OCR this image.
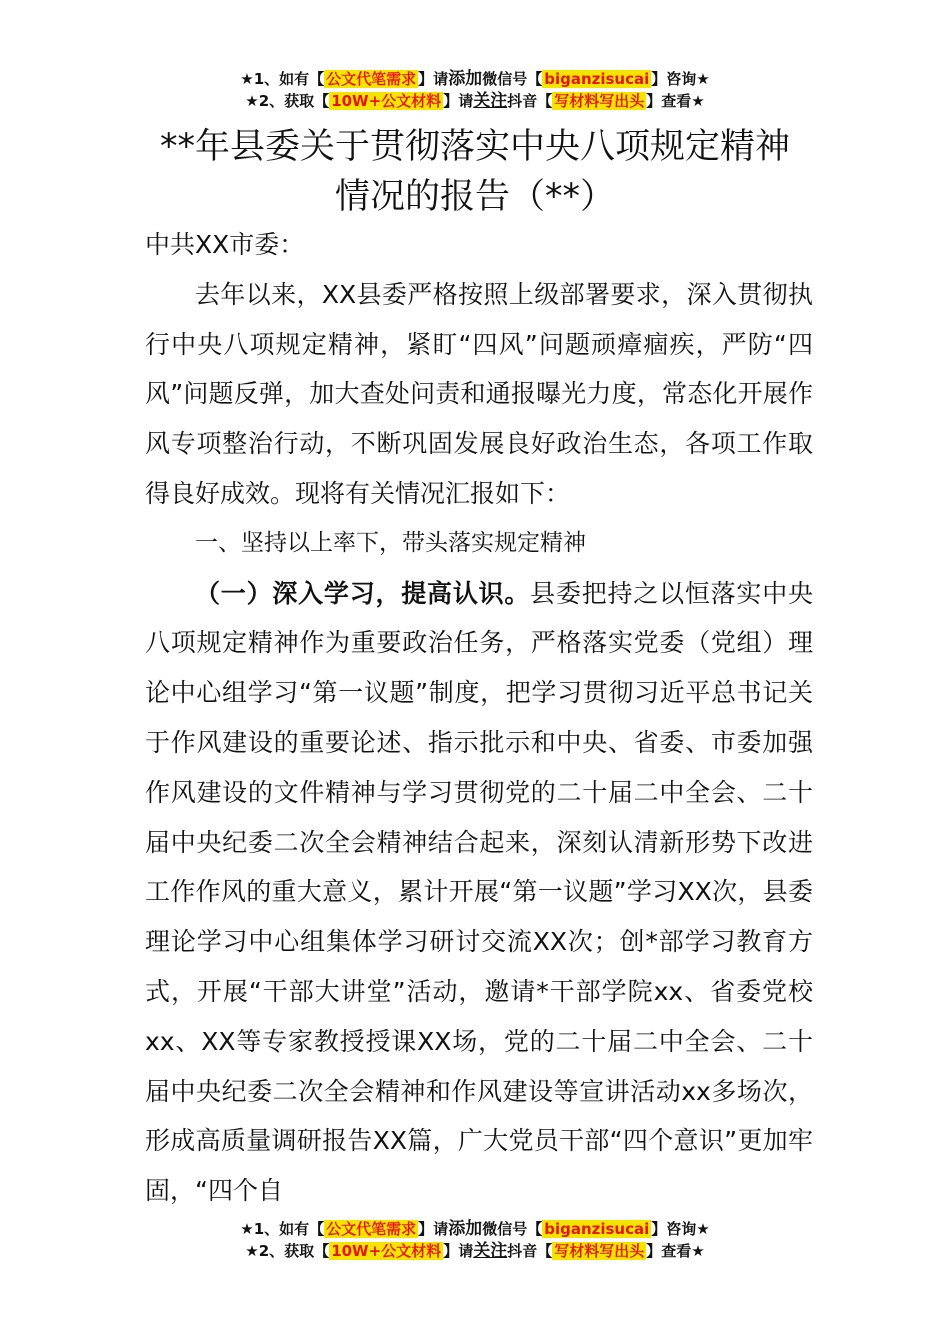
★1、如有【 公文代笔需求 】请添加微信号【 biganzisucai 】咨询★
★2、获取【 10W+公文材料 】请关注抖音【 写材料写出头 】查看★
**年县委关于贯彻落实中央八项规定精神
情况的报告（**）

中共XX市委：

去年以来，XX县委严格按照上级部署要求，深入贯彻执行中央八项规定精神，紧盯“四风”问题顽瘴痼疾，严防“四风”问题反弹，加大查处问责和通报曝光力度，常态化开展作风专项整治行动，不断巩固发展良好政治生态，各项工作取得良好成效。现将有关情况汇报如下：

一、坚持以上率下，带头落实规定精神

（一）深入学习，提高认识。县委把持之以恒落实中央八项规定精神作为重要政治任务，严格落实党委（党组）理论中心组学习“第一议题”制度，把学习贯彻习近平总书记关于作风建设的重要论述、指示批示和中央、省委、市委加强作风建设的文件精神与学习贯彻党的二十届二中全会、二十届中央纪委二次全会精神结合起来，深刻认清新形势下改进工作作风的重大意义，累计开展“第一议题”学习XX次，县委理论学习中心组集体学习研讨交流XX次；创*部学习教育方式，开展“干部大讲堂”活动，邀请*干部学院xx、省委党校xx、XX等专家教授授课XX场，党的二十届二中全会、二十届中央纪委二次全会精神和作风建设等宣讲活动xx多场次，形成高质量调研报告XX篇，广大党员干部“四个意识”更加牢固，“四个自

★1、如有【 公文代笔需求 】请添加微信号【 biganzisucai 】咨询★
★2、获取【 10W+公文材料 】请关注抖音【 写材料写出头 】查看★
